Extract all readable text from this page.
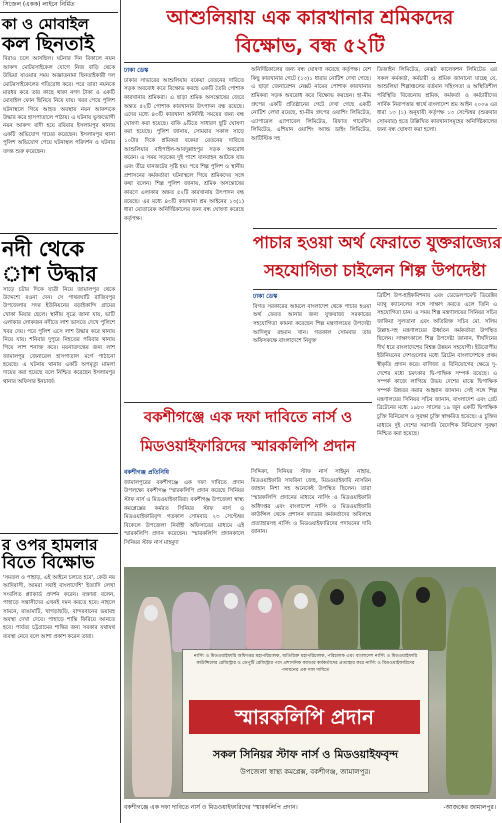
সিজেল (একক) লাইনে নির্মিত
কা ও মোবাইল
কল ছিনতাই
বিরাও চলে আসছিল। ঘটনার দিন বিকালে নয়ন আকন্দ মোটরসাইকেল যোগে নিজ বাড়ি থেকে উভিয়া যাওয়ার সময় অজ্ঞাতনামা ছিনতাইকারী দল মোটরসাইকেলের গতিরোধ করে। পরে তারা নয়নকে মারধর করে তার কাছে থাকা নগদ টাকা ও একটি মোবাইল ফোন ছিনিয়ে নিয়ে যায়। খবর পেয়ে পুলিশ ঘটনাস্থলে গিয়ে আহত অবস্থায় নয়ন আকন্দকে উদ্ধার করে হাসপাতালে পাঠায়। এ ঘটনায় ভুক্তভোগী নয়ন আকন্দ বাদী হয়ে রবিবার ইসলামপুর থানায় একটি অভিযোগ দায়ের করেছেন। ইসলামপুর থানা পুলিশ অভিযোগ পেয়ে ঘটনাস্থল পরিদর্শন ও ঘটনার তদন্ত শুরু করেছেন।
নদী থেকে
াশ উদ্ধার
সাড়ে চটার দিকে যাত্রী নিয়ে জামালপুর থেকে উদ্দেশ্যে রওনা দেন। সে পাথরঘাটি রাজিবপুর উপজেলার সদর ইউনিয়নের বড়াইকান্দি গ্রামের খোকা মিয়ার ছেলে। স্থানীয় সূত্রে জানা যায়, ভাটি এলাকার লোকজন নদীতে লাশ ভাসতে দেখে পুলিশে খবর দেয়। পরে পুলিশ এসে লাশ উদ্ধার করে থানায় নিয়ে যায়। শনিবার দুপুরে নিহতের পরিবার থানায় গিয়ে লাশ শনাক্ত করে। ময়নাতদন্তের জন্য লাশ জামালপুর জেনারেল হাসপাতাল মর্গে পাঠানো হয়েছে। এ ঘটনায় থানায় একটি অপমৃত্যু মামলা দায়ের করা হয়েছে বলে নিশ্চিত করেছেন ইসলামপুর থানার অফিসার ইনচার্জ।
র ওপর হামলার
বিতে বিক্ষোভ
'সমতল ও পাহাড়, এই আইনে চলতে হবে', কেউ নয় আদিবাসী, আমরা সবাই বাংলাদেশি' ইত্যাদি লেখা সংবলিত প্ল্যাকার্ড প্রদর্শন করেন। বক্তারা বলেন, পাহাড়ে সন্ত্রাসীদের এখনই দমন করতে হবে। নাহলে সামনে, রাঙামাটি, খাগড়াছড়ি, বান্দরবানের ভয়াবহ অবস্থা দেখা দেবে। পাহাড়ে শান্তি ফিরিয়ে আনতে হবে। পার্বত্য চট্টগ্রামের শান্তির জন্য সরকার যথাযথ ব্যবস্থা নেবে বলে আশা প্রকাশ করেন তারা।
আশুলিয়ায় এক কারখানার শ্রমিকদের
বিক্ষোভ, বন্ধ ৫২টি
ঢাকা ডেস্ক
ঢাকার সাভারের আশুলিয়ায় বকেয়া বেতনের দাবিতে সড়ক অবরোধ করে বিক্ষোভ করছে একটি তৈরি পোশাক কারখানার শ্রমিকরা। এ ছাড়া শ্রমিক অসন্তোষের জেরে অন্তত ৫২টি পোশাক কারখানার উৎপাদন বন্ধ রয়েছে। এদের মধ্যে ৪৩টি কারখানা অনির্দিষ্ট সময়ের জন্য বন্ধ ঘোষণা করা হয়েছে। বাকি ৯টিতে সাধারণ ছুটি ঘোষণা করা হয়েছে। পুলিশ জানায়, সোমবার সকাল সাড়ে ১০টার দিকে শ্রমিকরা বকেয়া বেতনের দাবিতে আশুলিয়ার বাইপাইল-আবদুল্লাহপুর সড়ক অবরোধ করেন। এ সময় সড়কের দুই পাশে যানবাহন আটকে যায় এবং তীব্র যানজটের সৃষ্টি হয়। পরে শিল্প পুলিশ ও স্থানীয় প্রশাসনের কর্মকর্তারা ঘটনাস্থলে গিয়ে শ্রমিকদের সঙ্গে কথা বলেন। শিল্প পুলিশ জানায়, শ্রমিক অসন্তোষের কারণে এলাকার অন্তত ৫২টি কারখানায় উৎপাদন বন্ধ রয়েছে। এর মধ্যে ৪৩টি কারখানা শ্রম আইনের ১৩(১) ধারা মোতাবেক অনির্দিষ্টকালের জন্য বন্ধ ঘোষণা করেছে কর্তৃপক্ষ।
অনির্দিষ্টকালের জন্য বন্ধ ঘোষণা করেছে কর্তৃপক্ষ। বেশ কিছু কারখানার গেটে (১৩)১ ধারার নোটিশ দেখা গেছে। এ ছাড়া জেনারেশন নেক্সট নামের পোশাক কারখানার শ্রমিকরা সড়ক অবরোধ করে বিক্ষোভ করছেন। হা-মীম গ্রুপের একটি প্রতিষ্ঠানের গেটে দেখা গেছে একটি নোটিশ লেখা রয়েছে, হা-মীম গ্রুপের ওয়াশিং লিমিটেড, এ্যাপারেল এ্যাপারেল লিমিটেড, রিফাত গার্মেন্টস লিমিটেড, এশিয়ান ওয়াশিং অ্যান্ড ডাইং লিমিটেড, আটিস্টিক সহ
ডিজাইন লিমিটেড, নেক্সট কালেকশন লিমিটেড এর সকল কর্মকর্তা, কর্মচারী ও শ্রমিক জানানো যাচ্ছে যে, আশুলিয়া শিল্পাঞ্চলের বর্তমান সহিংসতা ও অস্থিতিশীল পরিস্থিতি বিবেচনায় শ্রমিক, কর্মকর্তা ও কর্মচারীদের সার্বিক নিরাপত্তার স্বার্থে বাংলাদেশ শ্রম আইন ২০০৬ এর ধারা ১৩ (১) অনুযায়ী কর্তৃপক্ষ ১৩ সেপ্টেম্বর (শুক্রবার সোমবার) হতে উল্লিখিত কারখানাসমূহের অনির্দিষ্টকালের জন্য বন্ধ ঘোষণা করা হলো।
পাচার হওয়া অর্থ ফেরাতে যুক্তরাজ্যের
সহযোগিতা চাইলেন শিল্প উপদেষ্টা
ঢাকা ডেস্ক
বিগত সরকারের আমলে বাংলাদেশ থেকে পাচার হওয়া অর্থ ফেরত আনার জন্য যুক্তরাজ্য সরকারের সহযোগিতা কামনা করেছেন শিল্প মন্ত্রণালয়ের উপদেষ্টা আদিলুর রহমান খান। গতকাল সোমবার তার অফিসকক্ষে বাংলাদেশে নিযুক্ত
ব্রিটিশ উপ-হাইকমিশনার এবং ডেভেলপমেন্ট ডিরেক্টর ম্যাথু ক্যানেলের সঙ্গে সাক্ষাৎ করতে এলে তিনি এ সহযোগিতা চান। এ সময় শিল্প মন্ত্রণালয়ের সিনিয়র সচিব জাকিয়া সুলতানা এবং অতিরিক্ত সচিব মো. সলিম উল্লাহ-সহ মন্ত্রণালয়ের ঊর্ধ্বতন কর্মকর্তারা উপস্থিত ছিলেন। সাক্ষাৎকালে শিল্প উপদেষ্টা জানান, দীর্ঘদিনের দীর্ঘ ধরে বাংলাদেশের বিশ্বস্ত উন্নয়ন সহযোগী। ইউরোপীয় ইউনিয়নের দেশগুলোর মধ্যে ব্রিটেন বাংলাদেশকে প্রথম স্বীকৃতি প্রদান করে। বাণিজ্য ও বিনিয়োগের ক্ষেত্রে দু-দেশের মধ্যে চমৎকার দ্বি-পাক্ষিক সম্পর্ক রয়েছে। এ সম্পর্ক কাজে লাগিয়ে উভয় দেশের মাঝে দ্বিপাক্ষিক সম্পর্ক উন্নতর করার আহ্বান জানান। সেই সঙ্গে শিল্প মন্ত্রণালয়ের সিনিয়র সচিব জানান, বাংলাদেশ এবং গ্রেট ব্রিটেনের মধ্যে ১৯৮০ সালের ১৯ জুন একটি দ্বিপাক্ষিক চুক্তি বিনিয়োগ ও সুরক্ষা চুক্তি স্বাক্ষরিত হয়েছে। এ চুক্তির মাধ্যমে দুই দেশের সরাসরি বৈদেশিক বিনিয়োগ সুরক্ষা নিশ্চিত করা হয়েছে।
বকশীগঞ্জে এক দফা দাবিতে নার্স ও
মিডওয়াইফারিদের স্মারকলিপি প্রদান
বকশীগঞ্জ প্রতিনিধি
জামালপুরের বকশীগঞ্জে এক দফা দাবিতে প্রদান উপলক্ষ্যে বকশীগঞ্জ 'স্মারকলিপি প্রদান করেছে সিনিয়র স্টাফ নার্স ও মিডওয়াইফারিরা। বকশীগঞ্জ উপজেলা স্বাস্থ্য কমপ্লেক্সের কর্মরত সিনিয়র স্টাফ নার্স ও মিডওয়াইফারিবৃন্দ গতকাল সোমবার ২৩ সেপ্টেম্বর বিকেলে উপজেলা নির্বাহী অফিসারের মাধ্যমে এই স্মারকলিপি প্রদান করেছেন। 'স্মারকলিপি প্রদানকালে সিনিয়র স্টাফ নার্স মাহমুদা
সিদ্দিকা, সিনিয়র স্টাফ নার্স সাইমুন নাহার, মিডওয়াইফারি সাবরিনা জেছ, মিডওয়াইফারি নাসরিন জাহান নিশা সহ অনেকেই উপস্থিত ছিলেন। তারা 'স্মারকলিপি প্রদানের মাধ্যমে নার্সিং ও মিডওয়াইফারি অধিদপ্তর এবং বাংলাদেশ নার্সিং ও মিডওয়াইফারি কাউন্সিল থেকে প্রশাসন ক্যাডার কর্মকর্তাদের অবিলম্বে প্রত্যাহারসহ নার্সিং ও মিডওয়াইফারিদের পদায়নের দাবি জানান।
নার্সিং ও মিডওয়াইফারি অধিদপ্তর মহাপরিচালক, অতিরিক্ত মহাপরিচালক, পরিচালক এবং বাংলাদেশ নার্সিং ও মিডওয়াইফারি কাউন্সিলের রেজিস্ট্রার ও ডেপুটি রেজিস্ট্রার পদে প্রশাসনিক ক্যাডার কর্মকর্তাদের প্রত্যাহার করে নার্সিং ও মিডওয়াইফারিদের পদায়নের এক দফা দাবিতে
স্মারকলিপি প্রদান
সকল সিনিয়র স্টাফ নার্স ও মিডওয়াইফবৃন্দ
উপজেলা স্বাস্থ্য কমপ্লেক্স, বকশীগঞ্জ, জামালপুর।
বকশীগঞ্জে এক দফা দাবিতে নার্স ও মিডওয়াইফারিদের 'স্মারকলিপি প্রদান।	-আজকের জামালপুর।
